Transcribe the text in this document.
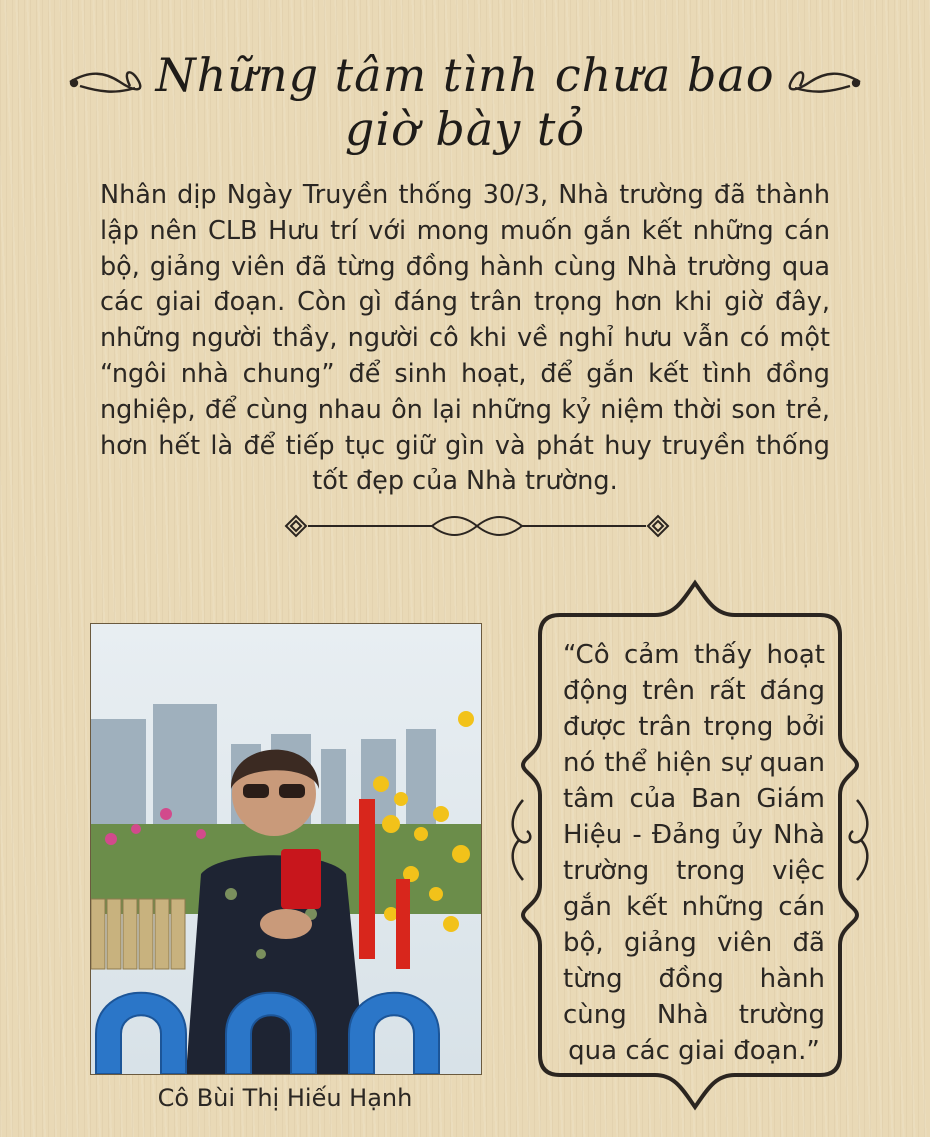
Những tâm tình chưa bao giờ bày tỏ
Nhân dịp Ngày Truyền thống 30/3, Nhà trường đã thành lập nên CLB Hưu trí với mong muốn gắn kết những cán bộ, giảng viên đã từng đồng hành cùng Nhà trường qua các giai đoạn. Còn gì đáng trân trọng hơn khi giờ đây, những người thầy, người cô khi về nghỉ hưu vẫn có một “ngôi nhà chung” để sinh hoạt, để gắn kết tình đồng nghiệp, để cùng nhau ôn lại những kỷ niệm thời son trẻ, hơn hết là để tiếp tục giữ gìn và phát huy truyền thống tốt đẹp của Nhà trường.
Cô Bùi Thị Hiếu Hạnh
“Cô cảm thấy hoạt động trên rất đáng được trân trọng bởi nó thể hiện sự quan tâm của Ban Giám Hiệu - Đảng ủy Nhà trường trong việc gắn kết những cán bộ, giảng viên đã từng đồng hành cùng Nhà trường qua các giai đoạn.”
